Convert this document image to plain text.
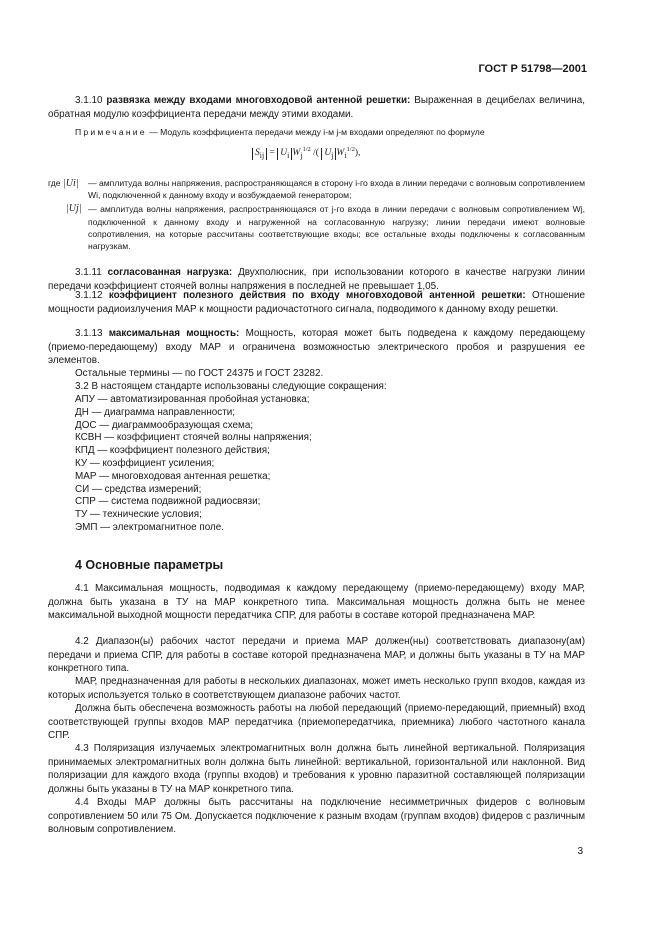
ГОСТ Р 51798—2001
3.1.10 развязка между входами многовходовой антенной решетки: Выраженная в децибелах величина, обратная модулю коэффициента передачи между этими входами.
Примечание — Модуль коэффициента передачи между i-м j-м входами определяют по формуле
$S_{ij} = U_i$ $W_j^{1/2}$ /( $U_j$ $W_i^{1/2}$),
где |Ui|	— амплитуда волны напряжения, распространяющаяся в сторону i-го входа в линии передачи с волновым сопротивлением Wi, подключенной к данному входу и возбуждаемой генератором;
|Uj| — амплитуда волны напряжения, распространяющаяся от j-го входа в линии передачи с волновым сопротивлением Wj, подключенной к данному входу и нагруженной на согласованную нагрузку; линии передачи имеют волновые сопротивления, на которые рассчитаны соответствующие входы; все остальные входы подключены к согласованным нагрузкам.
3.1.11 согласованная нагрузка: Двухполюсник, при использовании которого в качестве нагрузки линии передачи коэффициент стоячей волны напряжения в последней не превышает 1,05.
3.1.12 коэффициент полезного действия по входу многовходовой антенной решетки: Отношение мощности радиоизлучения МАР к мощности радиочастотного сигнала, подводимого к данному входу решетки.
3.1.13 максимальная мощность: Мощность, которая может быть подведена к каждому передающему (приемо-передающему) входу МАР и ограничена возможностью электрического пробоя и разрушения ее элементов.
Остальные термины — по ГОСТ 24375 и ГОСТ 23282.
3.2 В настоящем стандарте использованы следующие сокращения:
АПУ — автоматизированная пробойная установка;
ДН — диаграмма направленности;
ДОС — диаграммообразующая схема;
КСВН — коэффициент стоячей волны напряжения;
КПД — коэффициент полезного действия;
КУ — коэффициент усиления;
МАР — многовходовая антенная решетка;
СИ — средства измерений;
СПР — система подвижной радиосвязи;
ТУ — технические условия;
ЭМП — электромагнитное поле.
4 Основные параметры
4.1 Максимальная мощность, подводимая к каждому передающему (приемо-передающему) входу МАР, должна быть указана в ТУ на МАР конкретного типа. Максимальная мощность должна быть не менее максимальной выходной мощности передатчика СПР, для работы в составе которой предназначена МАР.
4.2 Диапазон(ы) рабочих частот передачи и приема МАР должен(ны) соответствовать диапазону(ам) передачи и приема СПР, для работы в составе которой предназначена МАР, и должны быть указаны в ТУ на МАР конкретного типа.
МАР, предназначенная для работы в нескольких диапазонах, может иметь несколько групп входов, каждая из которых используется только в соответствующем диапазоне рабочих частот.
Должна быть обеспечена возможность работы на любой передающий (приемо-передающий, приемный) вход соответствующей группы входов МАР передатчика (приемопередатчика, приемника) любого частотного канала СПР.
4.3 Поляризация излучаемых электромагнитных волн должна быть линейной вертикальной. Поляризация принимаемых электромагнитных волн должна быть линейной: вертикальной, горизонтальной или наклонной. Вид поляризации для каждого входа (группы входов) и требования к уровню паразитной составляющей поляризации должны быть указаны в ТУ на МАР конкретного типа.
4.4 Входы МАР должны быть рассчитаны на подключение несимметричных фидеров с волновым сопротивлением 50 или 75 Ом. Допускается подключение к разным входам (группам входов) фидеров с различным волновым сопротивлением.
3
